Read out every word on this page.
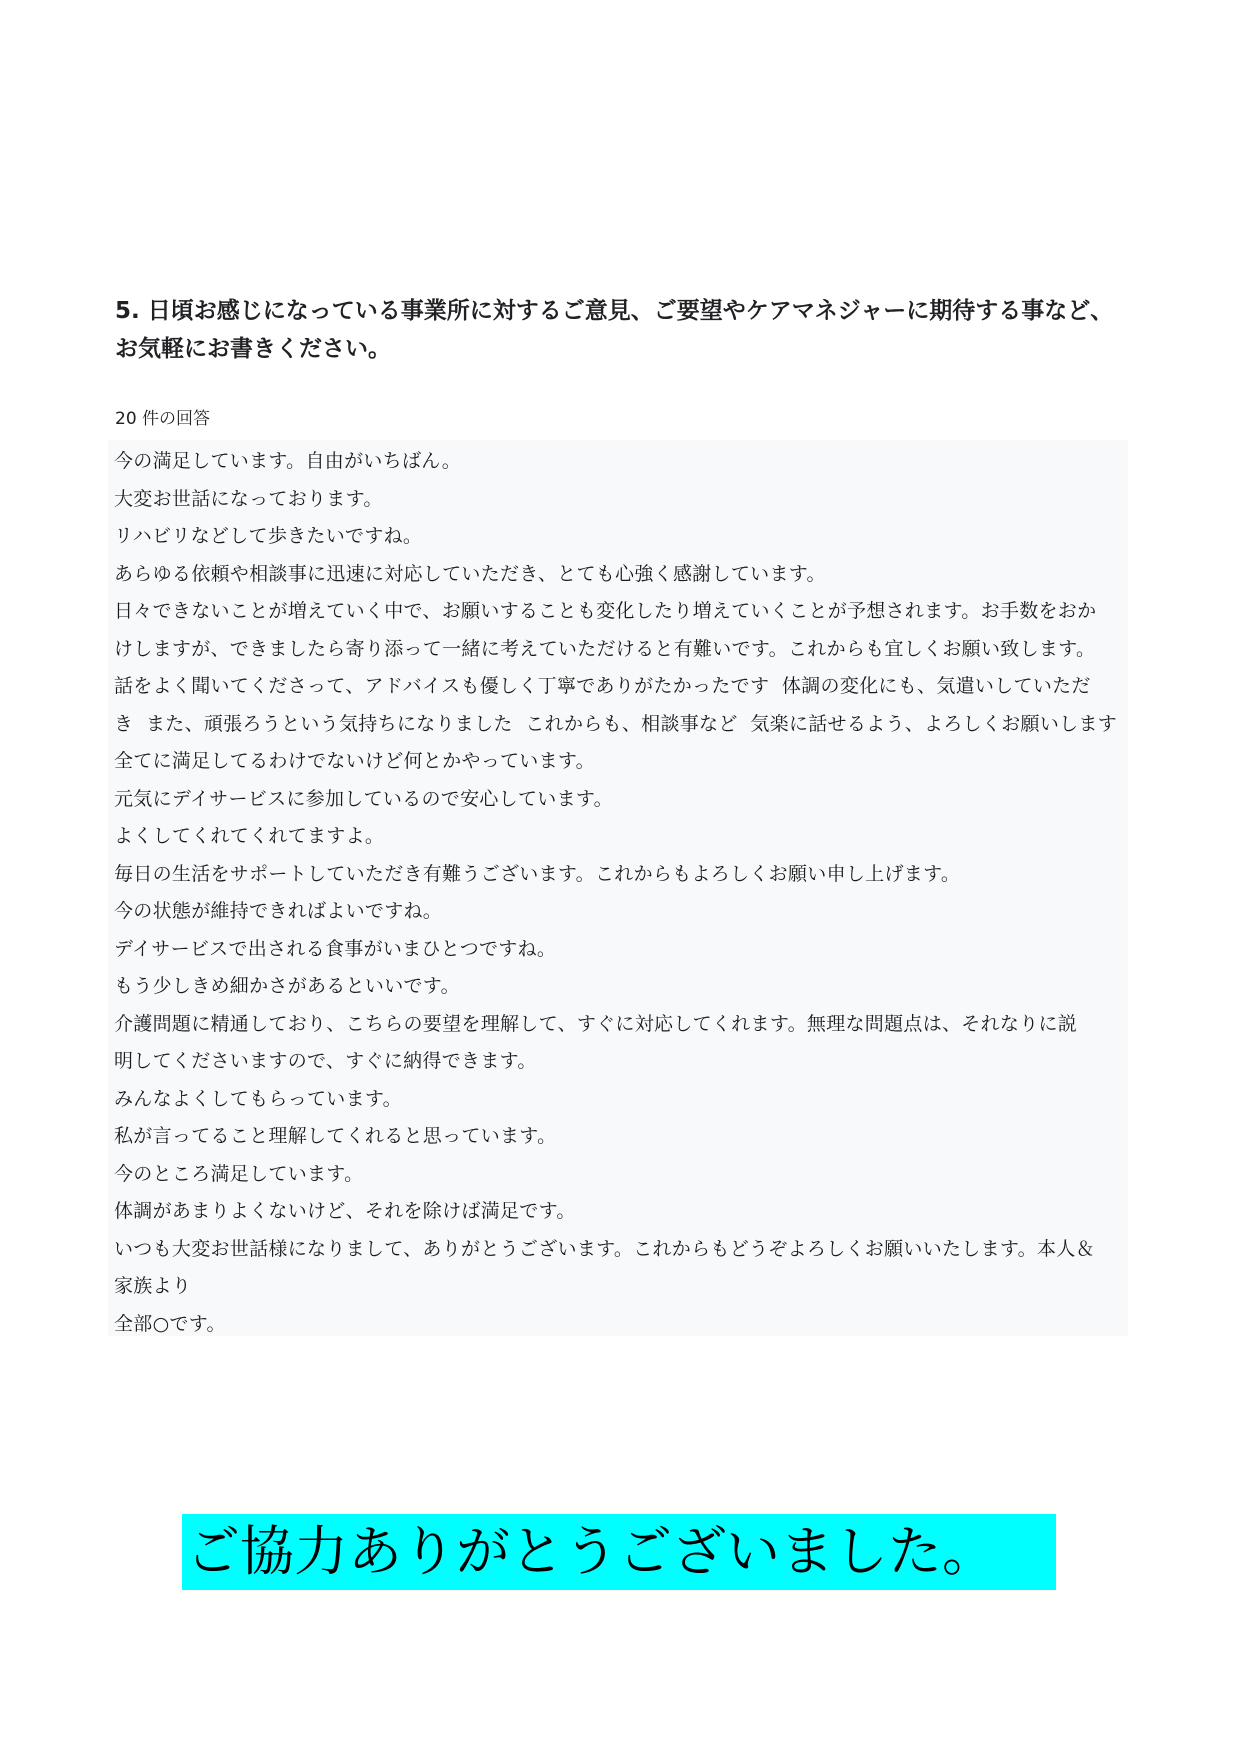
5. 日頃お感じになっている事業所に対するご意見、ご要望やケアマネジャーに期待する事など、お気軽にお書きください。
20 件の回答
今の満足しています。自由がいちばん。
大変お世話になっております。
リハビリなどして歩きたいですね。
あらゆる依頼や相談事に迅速に対応していただき、とても心強く感謝しています。
日々できないことが増えていく中で、お願いすることも変化したり増えていくことが予想されます。お手数をおか
けしますが、できましたら寄り添って一緒に考えていただけると有難いです。これからも宜しくお願い致します。
話をよく聞いてくださって、アドバイスも優しく丁寧でありがたかったです  体調の変化にも、気遣いしていただ
き  また、頑張ろうという気持ちになりました  これからも、相談事など  気楽に話せるよう、よろしくお願いします
全てに満足してるわけでないけど何とかやっています。
元気にデイサービスに参加しているので安心しています。
よくしてくれてくれてますよ。
毎日の生活をサポートしていただき有難うございます。これからもよろしくお願い申し上げます。
今の状態が維持できればよいですね。
デイサービスで出される食事がいまひとつですね。
もう少しきめ細かさがあるといいです。
介護問題に精通しており、こちらの要望を理解して、すぐに対応してくれます。無理な問題点は、それなりに説
明してくださいますので、すぐに納得できます。
みんなよくしてもらっています。
私が言ってること理解してくれると思っています。
今のところ満足しています。
体調があまりよくないけど、それを除けば満足です。
いつも大変お世話様になりまして、ありがとうございます。これからもどうぞよろしくお願いいたします。本人＆
家族より
全部○です。
ご協力ありがとうございました。
